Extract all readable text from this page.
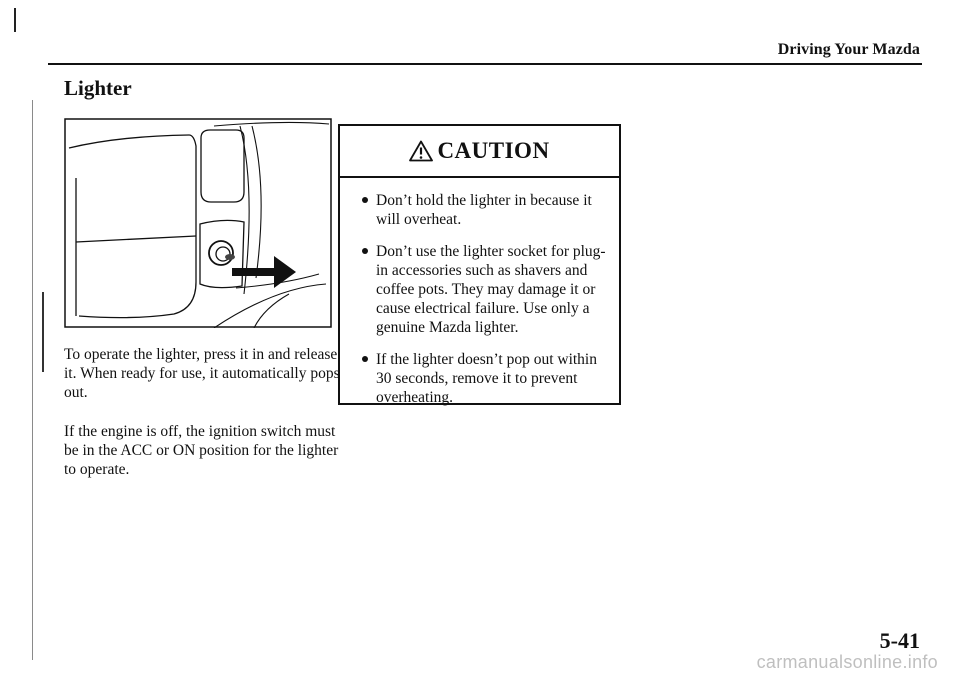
Driving Your Mazda
Lighter

To operate the lighter, press it in and release it. When ready for use, it automatically pops out.

If the engine is off, the ignition switch must be in the ACC or ON position for the lighter to operate.

CAUTION
Don’t hold the lighter in because it will overheat.
Don’t use the lighter socket for plug-in accessories such as shavers and coffee pots. They may damage it or cause electrical failure. Use only a genuine Mazda lighter.
If the lighter doesn’t pop out within 30 seconds, remove it to prevent overheating.
5-41
carmanualsonline.info
